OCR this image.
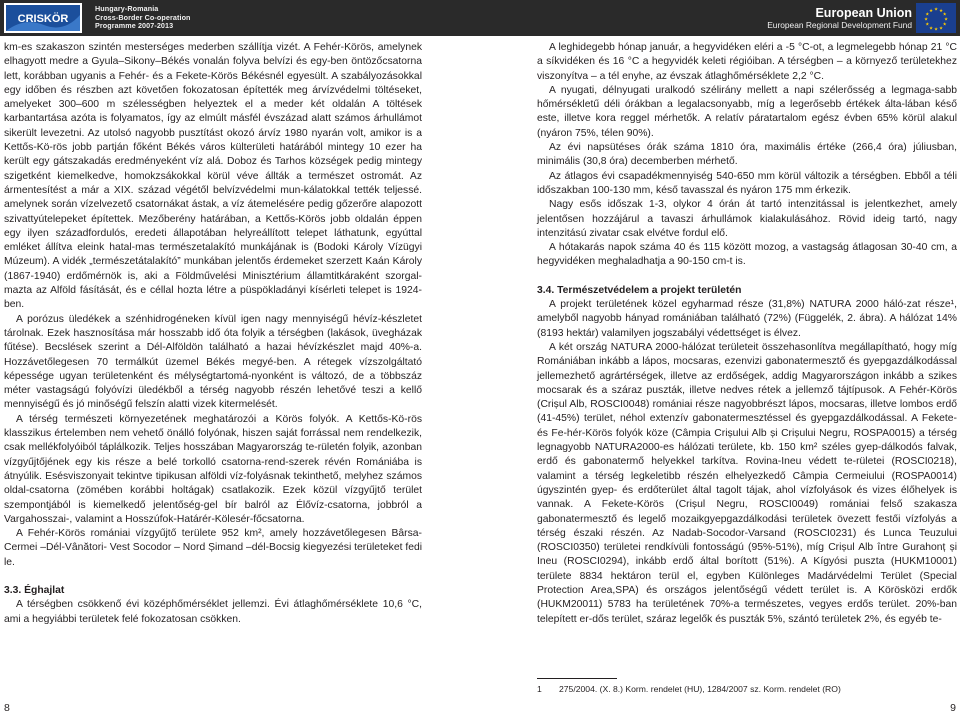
CRISKÖR
Hungary-Romania
Cross-Border Co-operation
Programme 2007-2013
European Union
European Regional Development Fund
★ ★
★
★
★
★
★
★
★
★
★
★

km-es szakaszon szintén mesterséges mederben szállítja vizét. A Fehér-Körös, amelynek elhagyott medre a Gyula–Sikony–Békés vonalán folyva belvízi és egy-ben öntözőcsatorna lett, korábban ugyanis a Fehér- és a Fekete-Körös Békésnél egyesült. A szabályozásokkal egy időben és részben azt követően fokozatosan építették meg árvízvédelmi töltéseket, amelyeket 300–600 m szélességben helyeztek el a meder két oldalán A töltések karbantartása azóta is folyamatos, így az elmúlt másfél évszázad alatt számos árhullámot sikerült levezetni. Az utolsó nagyobb pusztítást okozó árvíz 1980 nyarán volt, amikor is a Kettős-Kö-rös jobb partján főként Békés város külterületi határából mintegy 10 ezer ha került egy gátszakadás eredményeként víz alá. Doboz és Tarhos községek pedig mintegy szigetként kiemelkedve, homokzsákokkal körül véve állták a természet ostromát. Az ármentesítést a már a XIX. század végétől belvízvédelmi mun-kálatokkal tették teljessé. amelynek során vízelvezető csatornákat ástak, a víz átemelésére pedig gőzerőre alapozott szivattyútelepeket építettek. Mezőberény határában, a Kettős-Körös jobb oldalán éppen egy ilyen századfordulós, eredeti állapotában helyreállított telepet láthatunk, egyúttal emléket állítva eleink hatal-mas természetalakító munkájának is (Bodoki Károly Vízügyi Múzeum). A vidék „természetátalakító” munkában jelentős érdemeket szerzett Kaán Károly (1867-1940) erdőmérnök is, aki a Földművelési Minisztérium államtitkáraként szorgal-mazta az Alföld fásítását, és e céllal hozta létre a püspökladányi kísérleti telepet is 1924-ben.

A porózus üledékek a szénhidrogéneken kívül igen nagy mennyiségű hévíz-készletet tárolnak. Ezek hasznosítása már hosszabb idő óta folyik a térségben (lakások, üvegházak fűtése). Becslések szerint a Dél-Alföldön található a hazai hévízkészlet majd 40%-a. Hozzávetőlegesen 70 termálkút üzemel Békés megyé-ben. A rétegek vízszolgáltató képessége ugyan területenként és mélységtartomá-nyonként is változó, de a többszáz méter vastagságú folyóvízi üledékből a térség nagyobb részén lehetővé teszi a kellő mennyiségű és jó minőségű felszín alatti vizek kitermelését.

A térség természeti környezetének meghatározói a Körös folyók. A Kettős-Kö-rös klasszikus értelemben nem vehető önálló folyónak, hiszen saját forrással nem rendelkezik, csak mellékfolyóiból táplálkozik. Teljes hosszában Magyarország te-rületén folyik, azonban vízgyűjtőjének egy kis része a belé torkolló csatorna-rend-szerek révén Romániába is átnyúlik. Esésviszonyait tekintve tipikusan alföldi víz-folyásnak tekinthető, melyhez számos oldal-csatorna (zömében korábbi holtágak) csatlakozik. Ezek közül vízgyűjtő terület szempontjából is kiemelkedő jelentőség-gel bír balról az Élővíz-csatorna, jobbról a Vargahosszai-, valamint a Hosszúfok-Határér-Kölesér-főcsatorna.

A Fehér-Körös romániai vízgyűjtő területe 952 km², amely hozzávetőlegesen Bârsa- Cermei –Dél-Vânători- Vest Socodor – Nord Șimand –dél-Bocsig kiegyezési területeket fedi le.

3.3. Éghajlat

A térségben csökkenő évi középhőmérséklet jellemzi. Évi átlaghőmérséklete 10,6 °C, ami a hegyiábbi területek felé fokozatosan csökken.

A leghidegebb hónap január, a hegyvidéken eléri a -5 °C-ot, a legmelegebb hónap 21 °C a síkvidéken és 16 °C a hegyvidék keleti régióiban. A térségben – a környező területekhez viszonyítva – a tél enyhe, az évszak átlaghőmérséklete 2,2 °C.

A nyugati, délnyugati uralkodó szélirány mellett a napi szélerősség a legmaga-sabb hőmérsékletű déli órákban a legalacsonyabb, míg a legerősebb értékek álta-lában késő este, illetve kora reggel mérhetők. A relatív páratartalom egész évben 65% körül alakul (nyáron 75%, télen 90%).

Az évi napsütéses órák száma 1810 óra, maximális értéke (266,4 óra) júliusban, minimális (30,8 óra) decemberben mérhető.

Az átlagos évi csapadékmennyiség 540-650 mm körül változik a térségben. Ebből a téli időszakban 100-130 mm, késő tavasszal és nyáron 175 mm érkezik.

Nagy esős időszak 1-3, olykor 4 órán át tartó intenzitással is jelentkezhet, amely jelentősen hozzájárul a tavaszi árhullámok kialakulásához. Rövid ideig tartó, nagy intenzitású zivatar csak elvétve fordul elő.

A hótakarás napok száma 40 és 115 között mozog, a vastagság átlagosan 30-40 cm, a hegyvidéken meghaladhatja a 90-150 cm-t is.

3.4. Természetvédelem a projekt területén

A projekt területének közel egyharmad része (31,8%) NATURA 2000 háló-zat része¹, amelyből nagyobb hányad romániában található (72%) (Függelék, 2. ábra). A hálózat 14% (8193 hektár) valamilyen jogszabályi védettséget is élvez.

A két ország NATURA 2000-hálózat területeit összehasonlítva megállapítható, hogy míg Romániában inkább a lápos, mocsaras, ezenvizi gabonatermesztő és gyepgazdálkodással jellemezhető agrártérségek, illetve az erdőségek, addig Magyarországon inkább a szikes mocsarak és a száraz puszták, illetve nedves rétek a jellemző tájtípusok. A Fehér-Körös (Crișul Alb, ROSCI0048) romániai része nagyobbrészt lápos, mocsaras, illetve lombos erdő (41-45%) terület, néhol extenzív gabonatermesztéssel és gyepgazdálkodással. A Fekete- és Fe-hér-Körös folyók köze (Câmpia Crișului Alb și Crișului Negru, ROSPA0015) a térség legnagyobb NATURA2000-es hálózati területe, kb. 150 km² széles gyep-dálkodós falvak, erdő és gabonatermő helyekkel tarkítva. Rovina-Ineu védett te-rületei (ROSCI0218), valamint a térség legkeletibb részén elhelyezkedő Câmpia Cermeiului (ROSPA0014) úgyszintén gyep- és erdőterület által tagolt tájak, ahol vízfolyások és vizes élőhelyek is vannak. A Fekete-Körös (Crișul Negru, ROSCI0049) romániai felső szakasza gabonatermesztő és legelő mozaikgyepgazdálkodási területek övezett festői vízfolyás a térség északi részén. Az Nadab-Socodor-Varsand (ROSCI0231) és Lunca Teuzului (ROSCI0350) területei rendkívüli fontosságú (95%-51%), míg Crișul Alb între Gurahonț și Ineu (ROSCI0294), inkább erdő által borított (51%). A Kígyósi puszta (HUKM10001) területe 8834 hektáron terül el, egyben Különleges Madárvédelmi Terület (Special Protection Area,SPA) és országos jelentőségű védett terület is. A Körösközi erdők (HUKM20011) 5783 ha területének 70%-a természetes, vegyes erdős terület. 20%-ban telepített er-dős terület, száraz legelők és puszták 5%, szántó területek 2%, és egyéb te-

1 275/2004. (X. 8.) Korm. rendelet (HU), 1284/2007 sz. Korm. rendelet (RO)
8	9
